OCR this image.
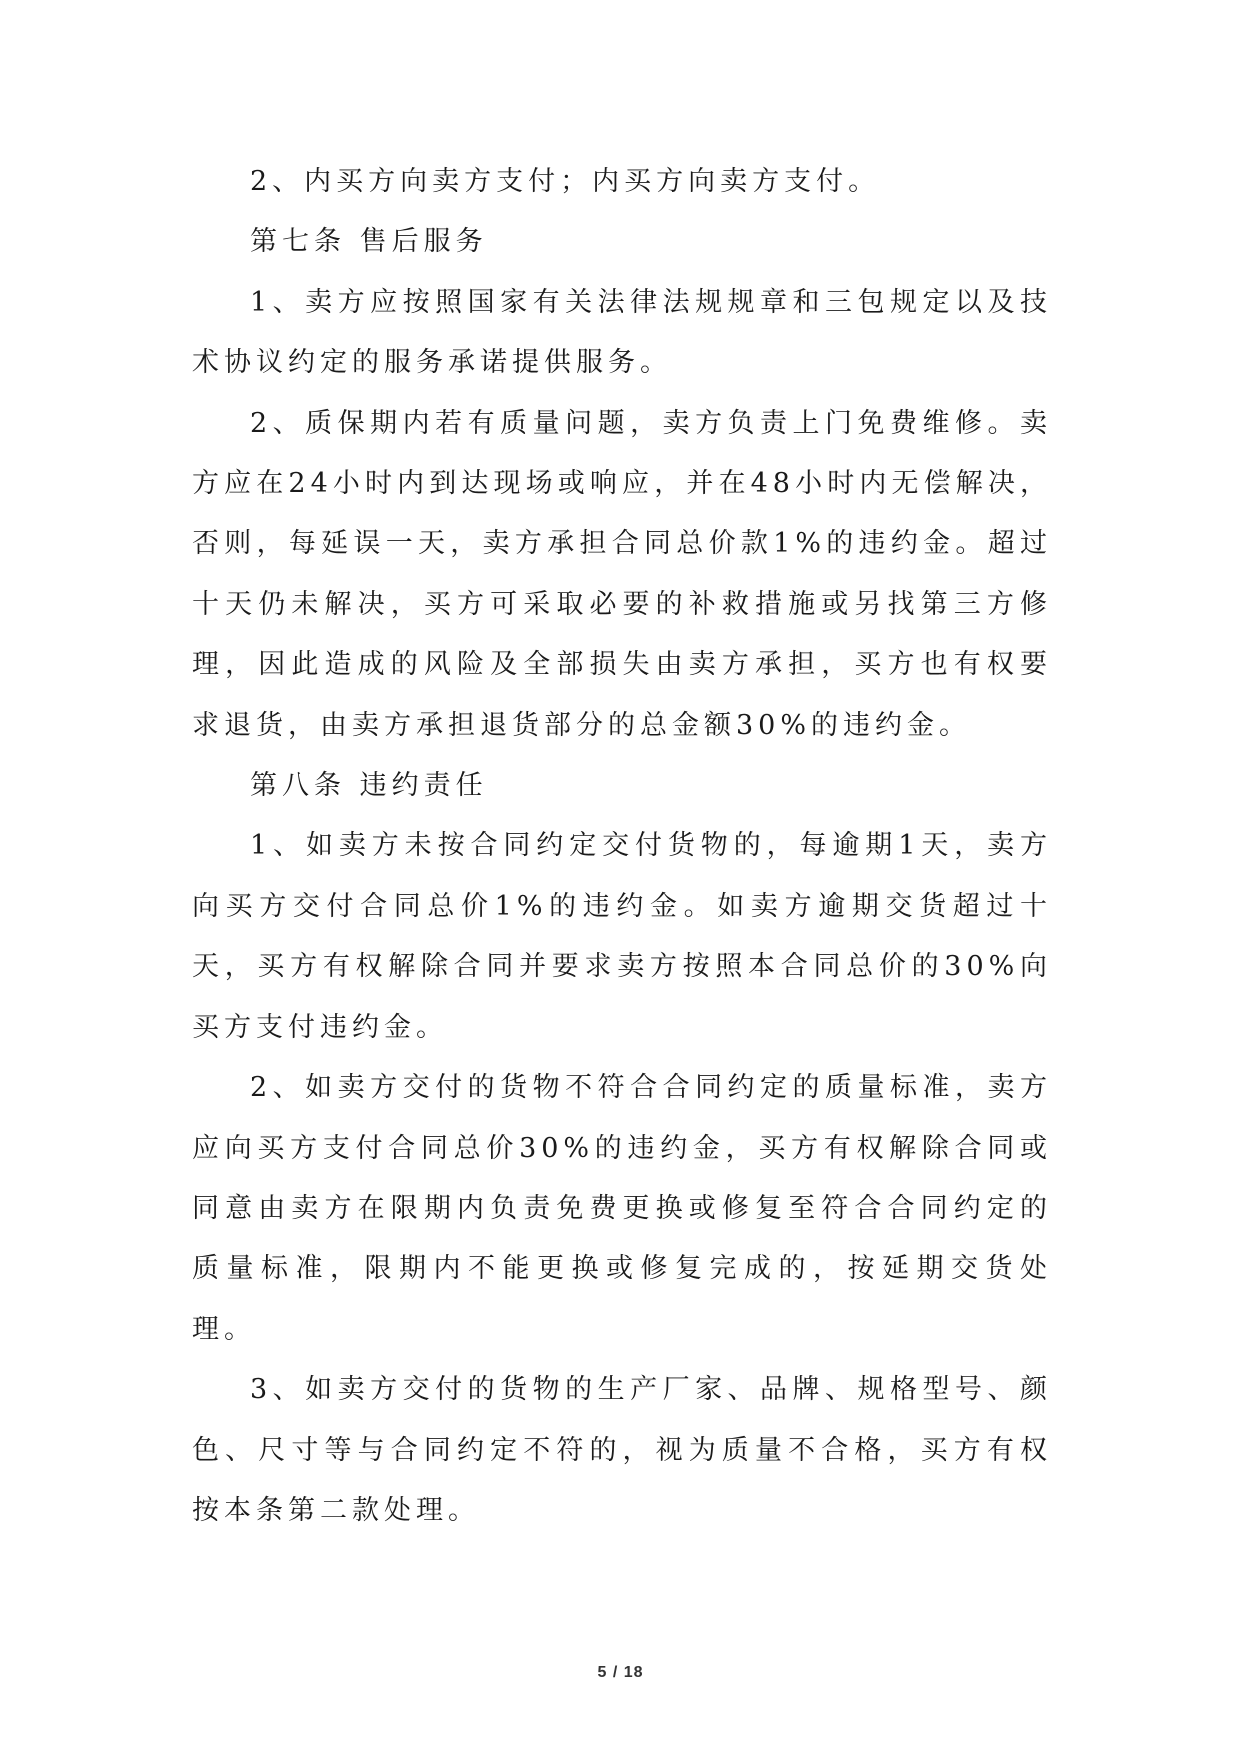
2、内买方向卖方支付；内买方向卖方支付。

第七条 售后服务

1、卖方应按照国家有关法律法规规章和三包规定以及技术协议约定的服务承诺提供服务。

2、质保期内若有质量问题，卖方负责上门免费维修。卖方应在24小时内到达现场或响应，并在48小时内无偿解决，否则，每延误一天，卖方承担合同总价款1%的违约金。超过十天仍未解决，买方可采取必要的补救措施或另找第三方修理，因此造成的风险及全部损失由卖方承担，买方也有权要求退货，由卖方承担退货部分的总金额30%的违约金。

第八条 违约责任

1、如卖方未按合同约定交付货物的，每逾期1天，卖方向买方交付合同总价1%的违约金。如卖方逾期交货超过十天，买方有权解除合同并要求卖方按照本合同总价的30%向买方支付违约金。

2、如卖方交付的货物不符合合同约定的质量标准，卖方应向买方支付合同总价30%的违约金，买方有权解除合同或同意由卖方在限期内负责免费更换或修复至符合合同约定的质量标准，限期内不能更换或修复完成的，按延期交货处理。

3、如卖方交付的货物的生产厂家、品牌、规格型号、颜色、尺寸等与合同约定不符的，视为质量不合格，买方有权按本条第二款处理。

5 / 18
